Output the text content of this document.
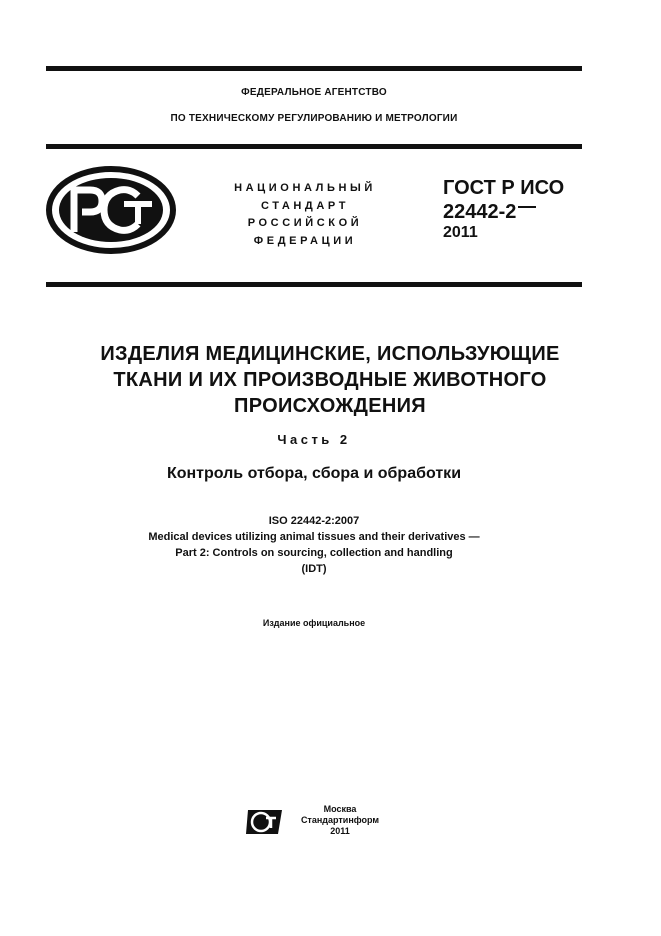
ФЕДЕРАЛЬНОЕ АГЕНТСТВО
ПО ТЕХНИЧЕСКОМУ РЕГУЛИРОВАНИЮ И МЕТРОЛОГИИ
НАЦИОНАЛЬНЫЙ
СТАНДАРТ
РОССИЙСКОЙ
ФЕДЕРАЦИИ
ГОСТ Р ИСО
22442-2
2011
ИЗДЕЛИЯ МЕДИЦИНСКИЕ, ИСПОЛЬЗУЮЩИЕ
ТКАНИ И ИХ ПРОИЗВОДНЫЕ ЖИВОТНОГО
ПРОИСХОЖДЕНИЯ
Часть 2
Контроль отбора, сбора и обработки
ISO 22442-2:2007
Medical devices utilizing animal tissues and their derivatives —
Part 2: Controls on sourcing, collection and handling
(IDT)
Издание официальное
Москва
Стандартинформ
2011
